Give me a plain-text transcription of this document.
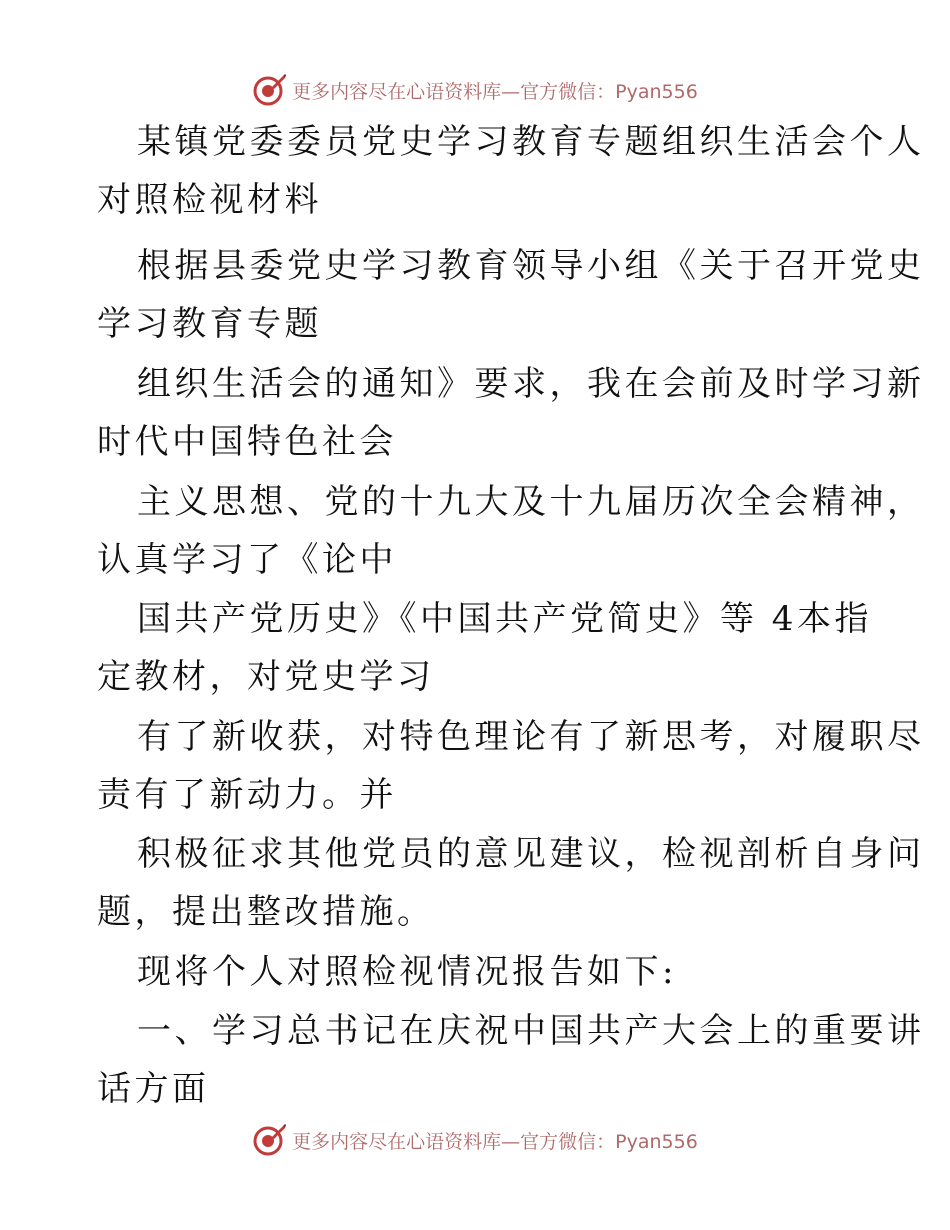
更多内容尽在心语资料库—官方微信：Pyan556
某镇党委委员党史学习教育专题组织生活会个人
对照检视材料
根据县委党史学习教育领导小组《关于召开党史
学习教育专题
组织生活会的通知》要求，我在会前及时学习新
时代中国特色社会
主义思想、党的十九大及十九届历次全会精神，
认真学习了《论中
国共产党历史》《中国共产党简史》等 4本指
定教材，对党史学习
有了新收获，对特色理论有了新思考，对履职尽
责有了新动力。并
积极征求其他党员的意见建议，检视剖析自身问
题，提出整改措施。
现将个人对照检视情况报告如下:
一、学习总书记在庆祝中国共产大会上的重要讲
话方面
更多内容尽在心语资料库—官方微信：Pyan556
